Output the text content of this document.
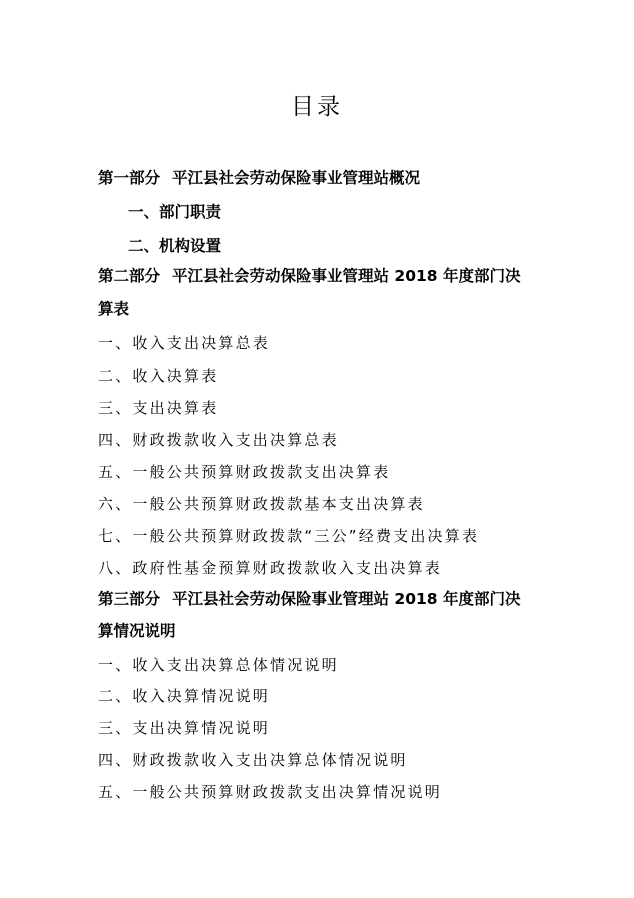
目录
第一部分 平江县社会劳动保险事业管理站概况
一、部门职责
二、机构设置
第二部分 平江县社会劳动保险事业管理站 2018 年度部门决
算表
一、收入支出决算总表
二、收入决算表
三、支出决算表
四、财政拨款收入支出决算总表
五、一般公共预算财政拨款支出决算表
六、一般公共预算财政拨款基本支出决算表
七、一般公共预算财政拨款“三公”经费支出决算表
八、政府性基金预算财政拨款收入支出决算表
第三部分 平江县社会劳动保险事业管理站 2018 年度部门决
算情况说明
一、收入支出决算总体情况说明
二、收入决算情况说明
三、支出决算情况说明
四、财政拨款收入支出决算总体情况说明
五、一般公共预算财政拨款支出决算情况说明
